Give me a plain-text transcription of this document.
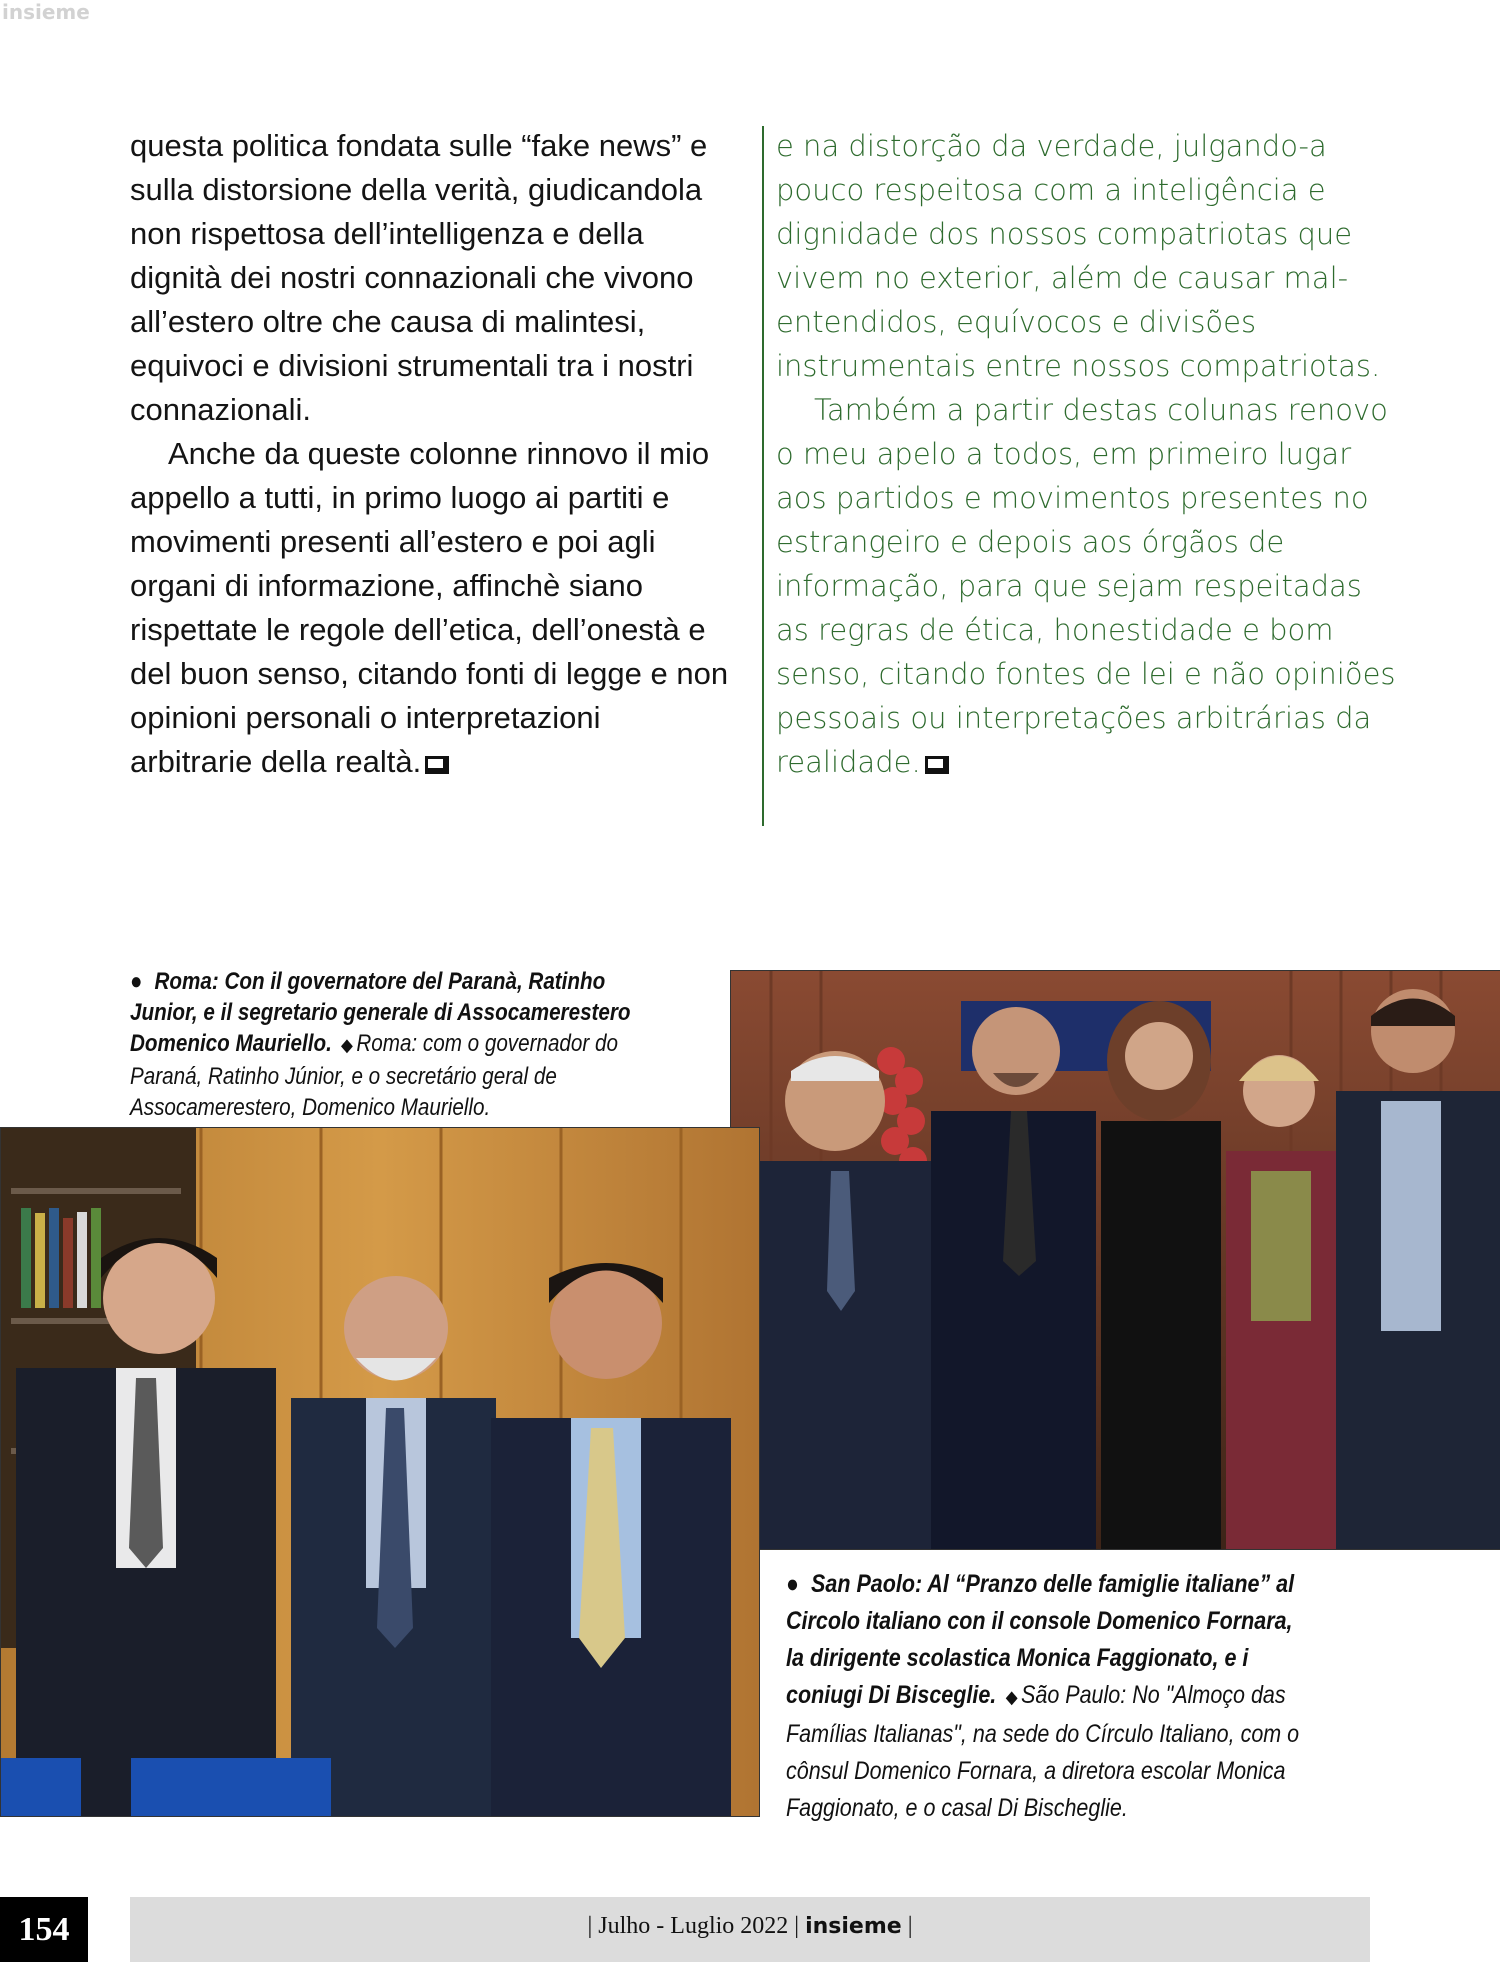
insieme

questa politica fondata sulle “fake news” e sulla distorsione della verità, giudicandola non rispettosa dell’intelligenza e della dignità dei nostri connazionali che vivono all’estero oltre che causa di malintesi, equivoci e divisioni strumentali tra i nostri connazionali.

Anche da queste colonne rinnovo il mio appello a tutti, in primo luogo ai partiti e movimenti presenti all’estero e poi agli organi di informazione, affinchè siano rispettate le regole dell’etica, dell’onestà e del buon senso, citando fonti di legge e non opinioni personali o interpretazioni arbitrarie della realtà.

e na distorção da verdade, julgando-a pouco respeitosa com a inteligência e dignidade dos nossos compatriotas que vivem no exterior, além de causar mal-entendidos, equívocos e divisões instrumentais entre nossos compatriotas.

Também a partir destas colunas renovo o meu apelo a todos, em primeiro lugar aos partidos e movimentos presentes no estrangeiro e depois aos órgãos de informação, para que sejam respeitadas as regras de ética, honestidade e bom senso, citando fontes de lei e não opiniões pessoais ou interpretações arbitrárias da realidade.

● Roma: Con il governatore del Paranà, Ratinho Junior, e il segretario generale di Assocamerestero Domenico Mauriello. ◆ Roma: com o governador do Paraná, Ratinho Júnior, e o secretário geral de Assocamerestero, Domenico Mauriello.
● San Paolo: Al “Pranzo delle famiglie italiane” al Circolo italiano con il console Domenico Fornara, la dirigente scolastica Monica Faggionato, e i coniugi Di Bisceglie. ◆ São Paulo: No "Almoço das Famílias Italianas", na sede do Círculo Italiano, com o cônsul Domenico Fornara, a diretora escolar Monica Faggionato, e o casal Di Bischeglie.
154	| Julho - Luglio 2022 | insieme |
